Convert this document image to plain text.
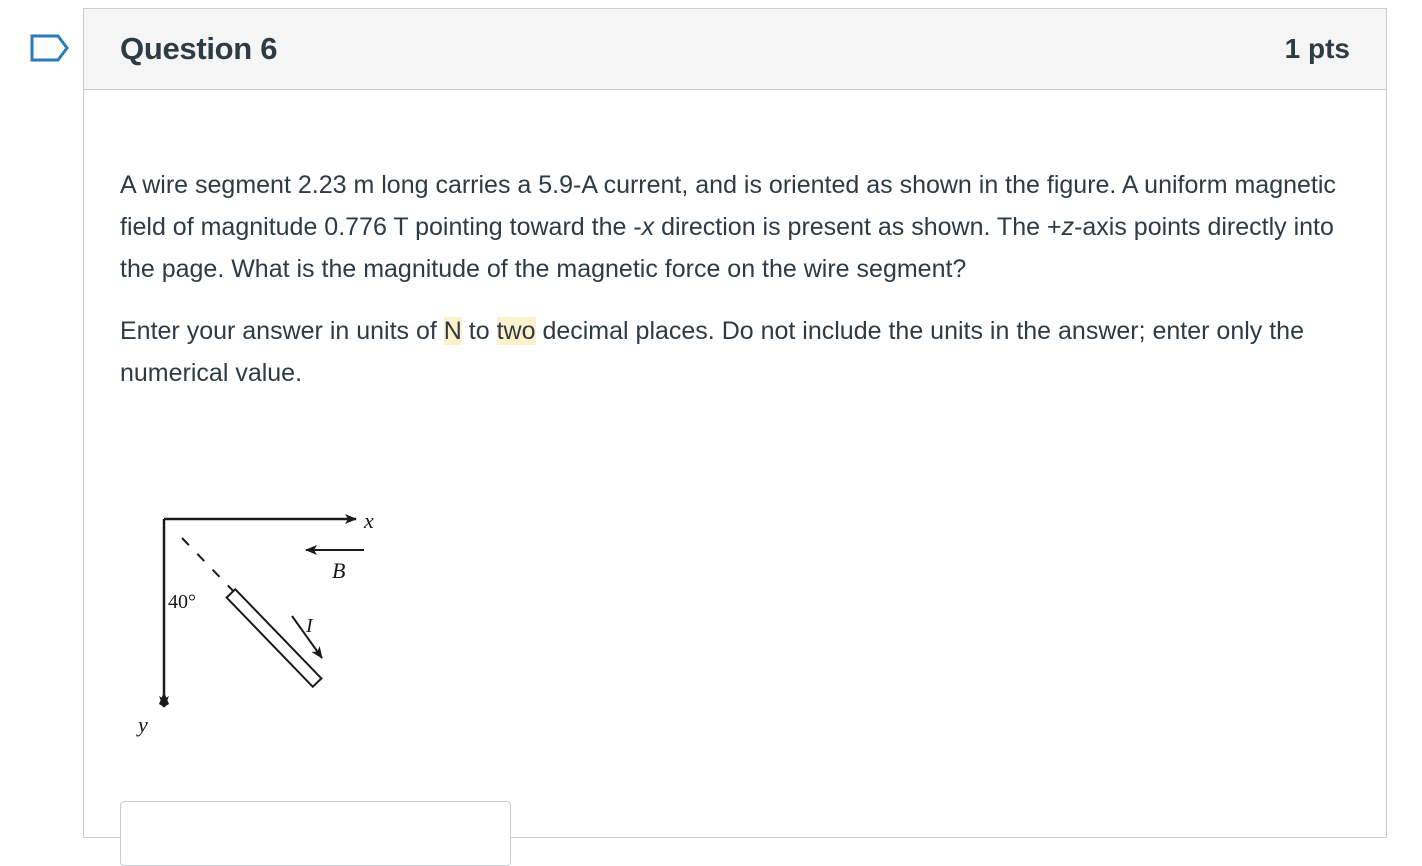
Question 6	1 pts

A wire segment 2.23 m long carries a 5.9-A current, and is oriented as shown in the figure. A uniform magnetic field of magnitude 0.776 T pointing toward the -x direction is present as shown. The +z-axis points directly into the page. What is the magnitude of the magnetic force on the wire segment?

Enter your answer in units of N to two decimal places. Do not include the units in the answer; enter only the numerical value.

x
y
B
40°
I
